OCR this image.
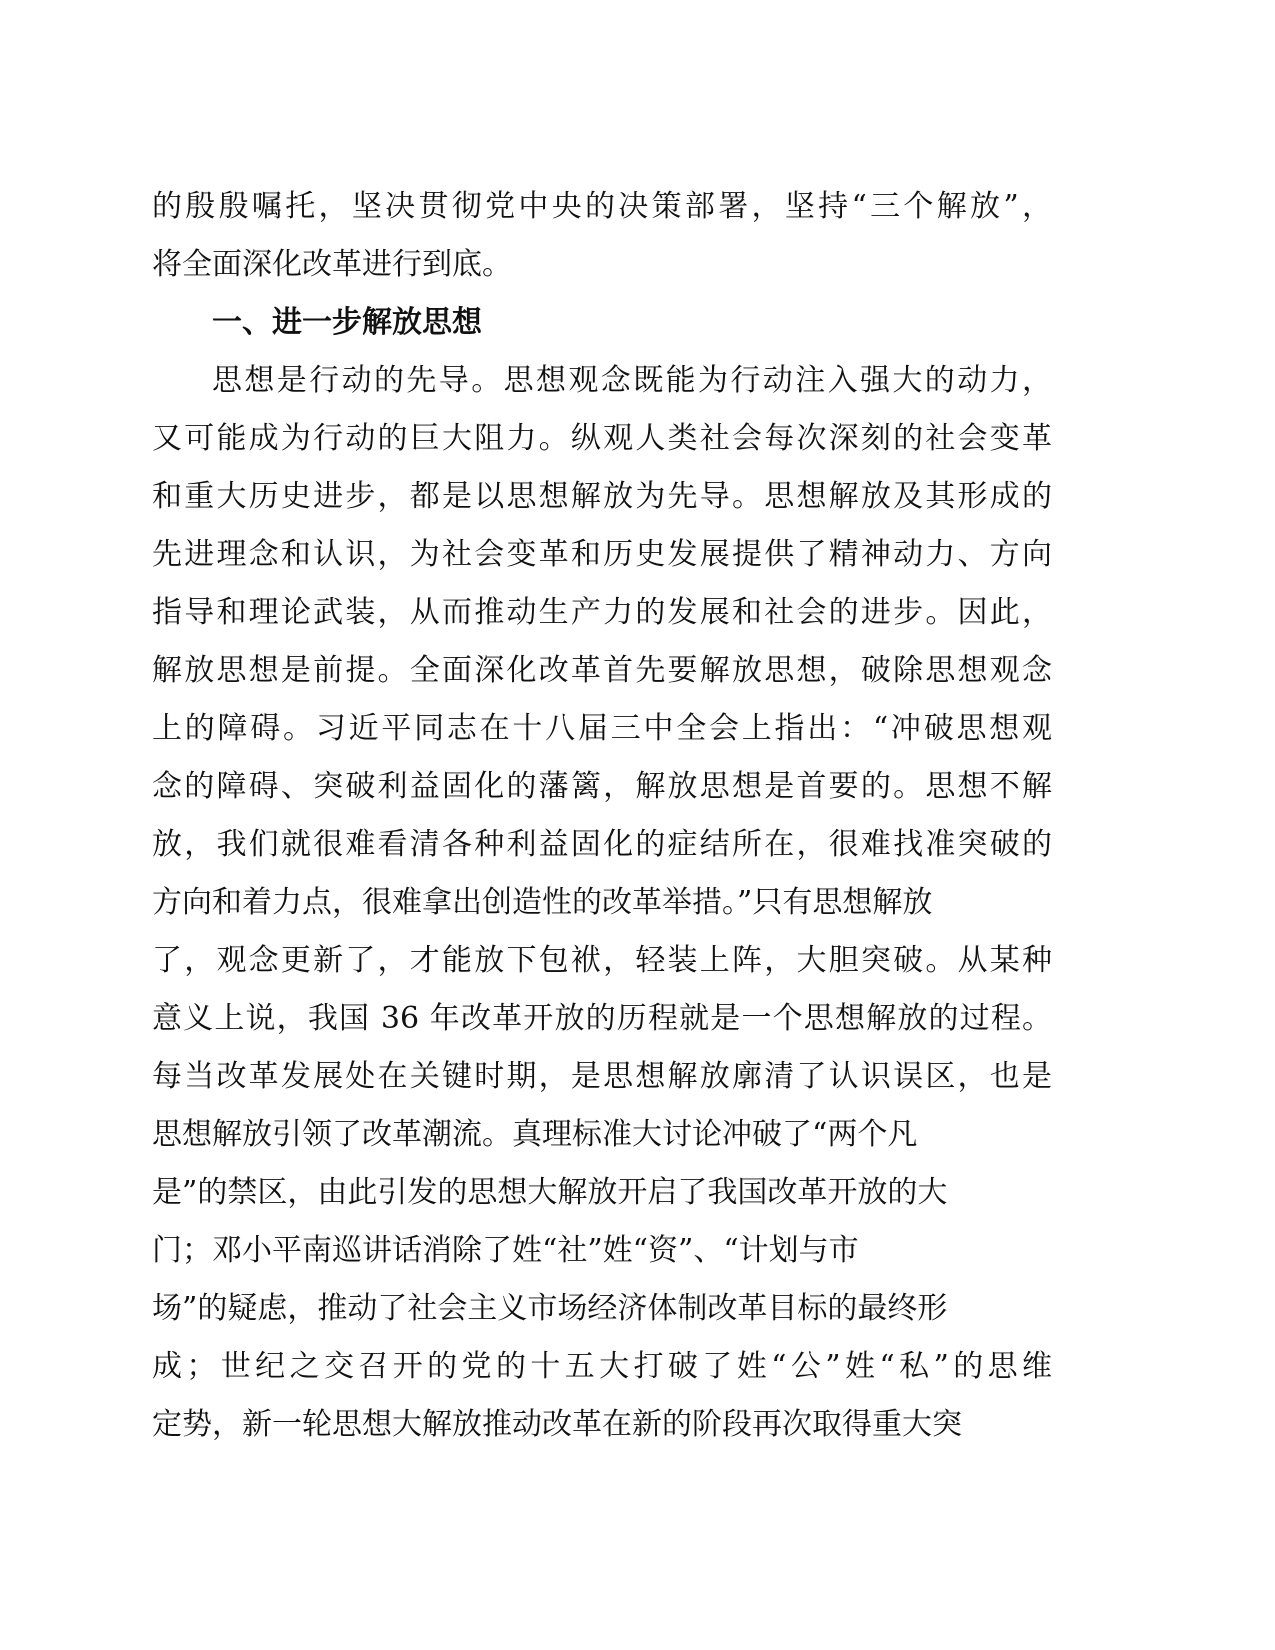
的殷殷嘱托，坚决贯彻党中央的决策部署，坚持“三个解放”，
将全面深化改革进行到底。
一、进一步解放思想
思想是行动的先导。思想观念既能为行动注入强大的动力，
又可能成为行动的巨大阻力。纵观人类社会每次深刻的社会变革
和重大历史进步，都是以思想解放为先导。思想解放及其形成的
先进理念和认识，为社会变革和历史发展提供了精神动力、方向
指导和理论武装，从而推动生产力的发展和社会的进步。因此，
解放思想是前提。全面深化改革首先要解放思想，破除思想观念
上的障碍。习近平同志在十八届三中全会上指出：“冲破思想观
念的障碍、突破利益固化的藩篱，解放思想是首要的。思想不解
放，我们就很难看清各种利益固化的症结所在，很难找准突破的
方向和着力点，很难拿出创造性的改革举措。”只有思想解放
了，观念更新了，才能放下包袱，轻装上阵，大胆突破。从某种
意义上说，我国 36 年改革开放的历程就是一个思想解放的过程。
每当改革发展处在关键时期，是思想解放廓清了认识误区，也是
思想解放引领了改革潮流。真理标准大讨论冲破了“两个凡
是”的禁区，由此引发的思想大解放开启了我国改革开放的大
门；邓小平南巡讲话消除了姓“社”姓“资”、“计划与市
场”的疑虑，推动了社会主义市场经济体制改革目标的最终形
成；世纪之交召开的党的十五大打破了姓“公”姓“私”的思维
定势，新一轮思想大解放推动改革在新的阶段再次取得重大突
